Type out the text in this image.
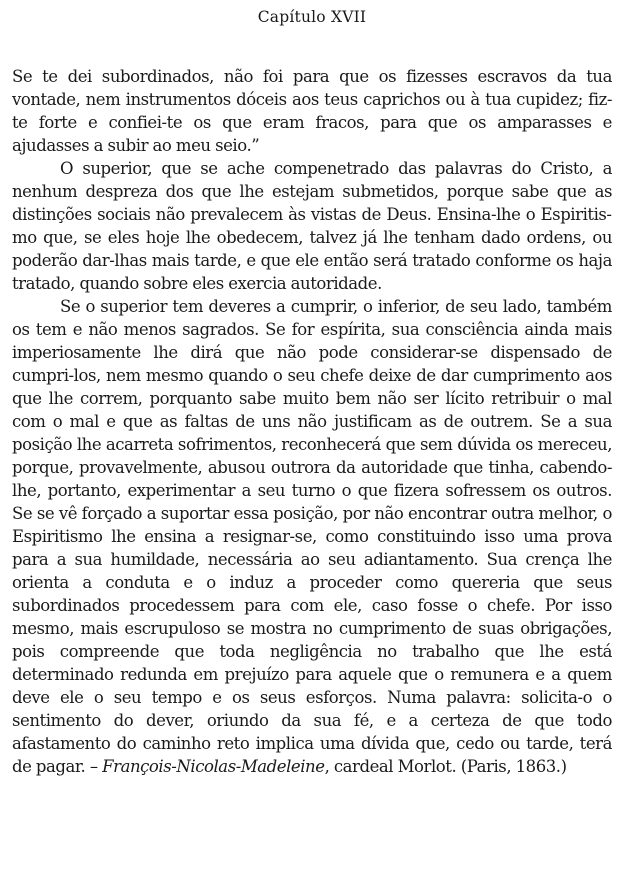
Capítulo XVII

Se te dei subordinados, não foi para que os fizesses escravos da tua vontade, nem instrumentos dóceis aos teus caprichos ou à tua cupidez; fiz-te forte e confiei-te os que eram fracos, para que os amparasses e ajudasses a subir ao meu seio.”

O superior, que se ache compenetrado das palavras do Cristo, a nenhum despreza dos que lhe estejam submetidos, porque sabe que as distinções sociais não prevalecem às vistas de Deus. Ensina-lhe o Espiritismo que, se eles hoje lhe obedecem, talvez já lhe tenham dado ordens, ou poderão dar-lhas mais tarde, e que ele então será tratado conforme os haja tratado, quando sobre eles exercia autoridade.

Se o superior tem deveres a cumprir, o inferior, de seu lado, também os tem e não menos sagrados. Se for espírita, sua consciência ainda mais imperiosamente lhe dirá que não pode considerar-se dispensado de cumpri-los, nem mesmo quando o seu chefe deixe de dar cumprimento aos que lhe correm, porquanto sabe muito bem não ser lícito retribuir o mal com o mal e que as faltas de uns não justificam as de outrem. Se a sua posição lhe acarreta sofrimentos, reconhecerá que sem dúvida os mereceu, porque, provavelmente, abusou outrora da autoridade que tinha, cabendo-lhe, portanto, experimentar a seu turno o que fizera sofressem os outros. Se se vê forçado a suportar essa posição, por não encontrar outra melhor, o Espiritismo lhe ensina a resignar-se, como constituindo isso uma prova para a sua humildade, necessária ao seu adiantamento. Sua crença lhe orienta a conduta e o induz a proceder como quereria que seus subordinados procedessem para com ele, caso fosse o chefe. Por isso mesmo, mais escrupuloso se mostra no cumprimento de suas obrigações, pois compreende que toda negligência no trabalho que lhe está determinado redunda em prejuízo para aquele que o remunera e a quem deve ele o seu tempo e os seus esforços. Numa palavra: solicita-o o sentimento do dever, oriundo da sua fé, e a certeza de que todo afastamento do caminho reto implica uma dívida que, cedo ou tarde, terá de pagar. – François-Nicolas-Madeleine, cardeal Morlot. (Paris, 1863.)
